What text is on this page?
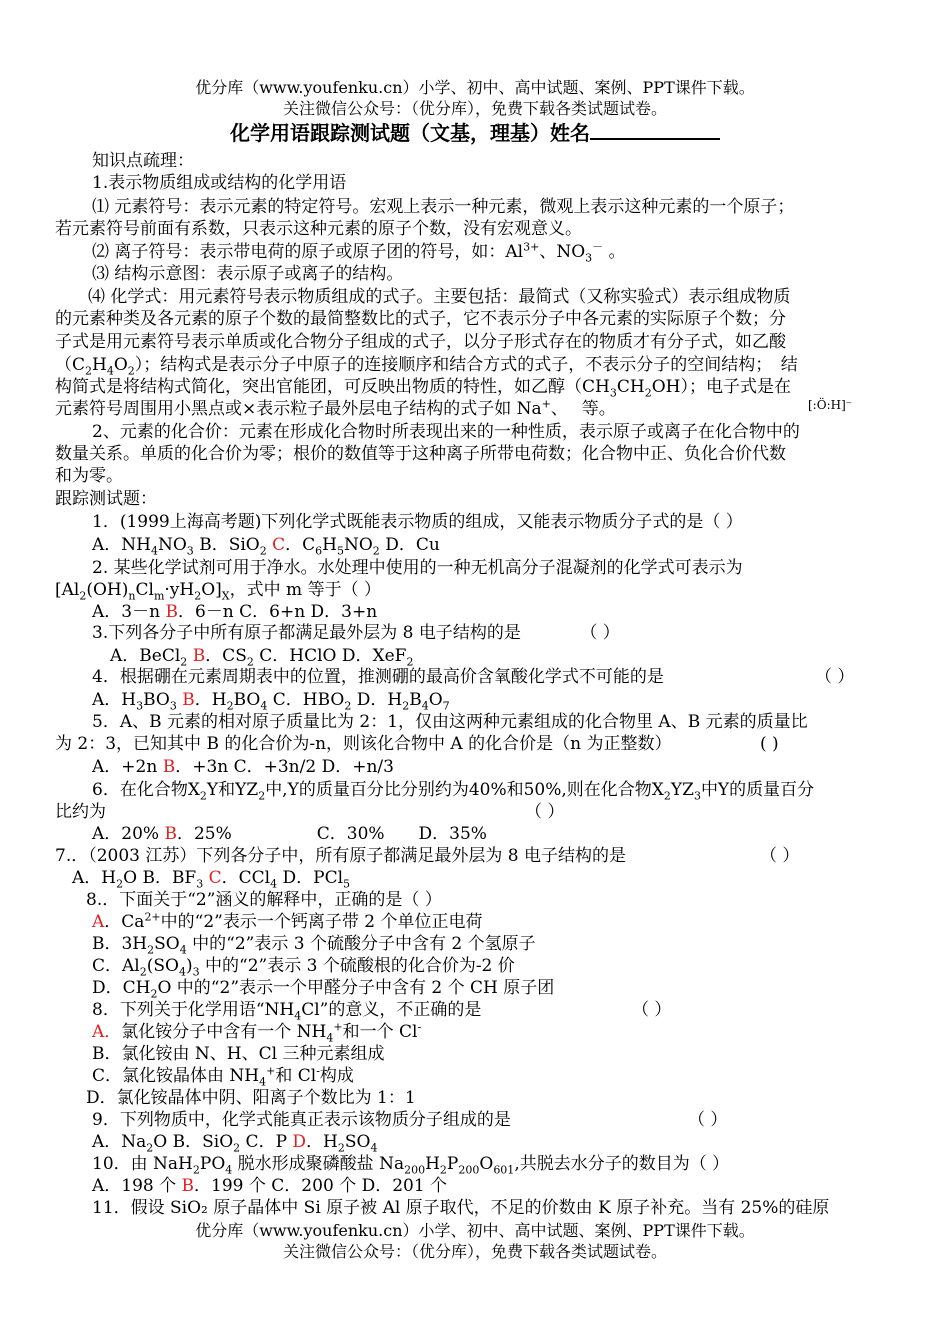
优分库（www.youfenku.cn）小学、初中、高中试题、案例、PPT课件下载。
关注微信公众号：（优分库），免费下载各类试题试卷。
化学用语跟踪测试题（文基，理基）姓名
知识点疏理：
1.表示物质组成或结构的化学用语
⑴ 元素符号：表示元素的特定符号。宏观上表示一种元素，微观上表示这种元素的一个原子；
若元素符号前面有系数，只表示这种元素的原子个数，没有宏观意义。
⑵ 离子符号：表示带电荷的原子或原子团的符号，如：$Al^{3+}$、$NO_3^-$ 。
⑶ 结构示意图：表示原子或离子的结构。
⑷ 化学式：用元素符号表示物质组成的式子。主要包括：最简式（又称实验式）表示组成物质
的元素种类及各元素的原子个数的最简整数比的式子，它不表示分子中各元素的实际原子个数；分
子式是用元素符号表示单质或化合物分子组成的式子，以分子形式存在的物质才有分子式，如乙酸
$(C_2H_4O_2)$；结构式是表示分子中原子的连接顺序和结合方式的式子，不表示分子的空间结构；　结
构简式是将结构式简化，突出官能团，可反映出物质的特性，如乙醇$(CH_3CH_2OH)$；电子式是在
元素符号周围用小黑点或×表示粒子最外层电子结构的式子如 Na+、　 等。	[:Ö:H]⁻
2、元素的化合价：元素在形成化合物时所表现出来的一种性质，表示原子或离子在化合物中的
数量关系。单质的化合价为零；根价的数值等于这种离子所带电荷数；化合物中正、负化合价代数
和为零。
跟踪测试题：
1．(1999上海高考题)下列化学式既能表示物质的组成，又能表示物质分子式的是（ ）
A．$NH_4NO_3$ B．SiO$_2$ C．$C_6H_5NO_2$ D．Cu
2. 某些化学试剂可用于净水。水处理中使用的一种无机高分子混凝剂的化学式可表示为
$[Al_2(OH)_nCl_m\cdot yH_2O]_X$，式中 m 等于（ ）
A．3－n B．6－n C．6+n D．3+n
3.下列各分子中所有原子都满足最外层为 8 电子结构的是　　　　（ ）
A．BeCl$_2$ B．$CS_2$ C．HClO D．XeF$_2$
4．根据硼在元素周期表中的位置，推测硼的最高价含氧酸化学式不可能的是	（ ）
A．$H_3BO_3$ B．$H_2BO_4$ C．$HBO_2$ D．$H_2B_4O_7$
5．A、B 元素的相对原子质量比为 2：1，仅由这两种元素组成的化合物里 A、B 元素的质量比
为 2：3，已知其中 B 的化合价为-n，则该化合物中 A 的化合价是（n 为正整数）	( )
A．+2n B．+3n C．+3n/2 D．+n/3
6．在化合物$X_2Y$和$YZ_2$中,Y的质量百分比分别约为40%和50%,则在化合物$X_2YZ_3$中Y的质量百分
比约为	（ ）
A．20% B．25%　　　　　C．30%　　D．35%
7.．（2003 江苏）下列各分子中，所有原子都满足最外层为 8 电子结构的是	（ ）
A．$H_2O$ B．$BF_3$ C．CCl$_4$ D．PCl$_5$
8.．下面关于“2”涵义的解释中，正确的是（ ）
A．$Ca^{2+}$中的“2”表示一个钙离子带 2 个单位正电荷
B．$3H_2SO_4$ 中的“2”表示 3 个硫酸分子中含有 2 个氢原子
C．$Al_2(SO_4)_3$ 中的“2”表示 3 个硫酸根的化合价为-2 价
D．$CH_2O$ 中的“2”表示一个甲醛分子中含有 2 个 CH 原子团
8．下列关于化学用语“$NH_4Cl$”的意义，不正确的是	（ ）
A．氯化铵分子中含有一个 $NH_4^+$和一个 Cl-
B．氯化铵由 N、H、Cl 三种元素组成
C．氯化铵晶体由 $NH_4^+$和 Cl-构成
D．氯化铵晶体中阴、阳离子个数比为 1：1
9．下列物质中，化学式能真正表示该物质分子组成的是	（ ）
A．$Na_2O$ B．SiO$_2$ C．P D．$H_2SO_4$
10．由 $NaH_2PO_4$ 脱水形成聚磷酸盐 $Na_{200}H_2P_{200}O_{601}$,共脱去水分子的数目为（ ）
A．198 个 B．199 个 C．200 个 D．201 个
11．假设 SiO₂ 原子晶体中 Si 原子被 Al 原子取代，不足的价数由 K 原子补充。当有 25%的硅原
优分库（www.youfenku.cn）小学、初中、高中试题、案例、PPT课件下载。
关注微信公众号：（优分库），免费下载各类试题试卷。
